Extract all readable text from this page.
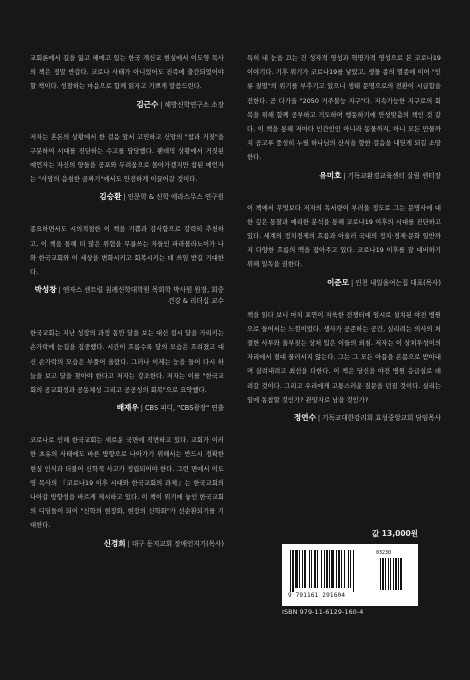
교회론에서 길을 잃고 헤매고 있는 한국 개신교 현실에서 이도영 목사의 책은 정말 반갑다. 코로나 사태가 아니었어도 진즉에 출간되었어야 할 책이다. 성찰하는 마음으로 함께 읽자고 기쁘게 말씀드린다.

김근수 | 해방신학연구소 소장

저자는 혼돈의 상황에서 한 걸음 앞서 고민하고 신앙의 "참과 거짓"을 구분하여 시대를 진단하는 수고를 담당했다. 팬데믹 상황에서 거짓된 예언자는 자신의 양들을 공포와 두려움으로 몰아가겠지만 참된 예언자는 "사망의 음침한 골짜기"에서도 안전하게 이끌어갈 것이다.

김승환 | 인문학 & 신학 에라스무스 연구원

종요하면서도 시의적절한 이 책을 기쁨과 감사함으로 강력히 추천하고, 이 책을 통해 더 많은 위험을 무릅쓰는 자들인 파라볼라노이가 나와 한국교회와 이 세상을 변화시키고 회복시키는 데 쓰임 받길 기대한다.

박성창 | 엔자스 센트럴 침례신학대학원 목회학 박사원 원장, 회중건강 & 리더십 교수

한국교회는 지난 성장의 과정 동안 달을 보는 대신 접시 달을 가리키는 손가락에 눈길을 집중했다. 시간이 흐름수록 달의 모습은 흐려졌고 대신 손가락의 모습은 부풀어 올랐다. 그러나 이제는 눈을 들어 다시 하늘을 보고 달을 찾아야 한다고 저자는 강조한다. 저자는 이를 "한국교회의 공교회성과 공동체성 그리고 공공성의 회복"으로 요약했다.

배재우 | CBS 피디, "CBS광장" 연출

코로나로 인해 한국교회는 새로운 국면에 직면하고 있다. 교회가 이러한 초유의 사태에도 바른 방향으로 나아가기 위해서는 반드시 정확한 현실 인식과 더불어 신학적 사고가 정립되어야 한다. 그런 면에서 이도영 목사의 『코로나19 이후 시대와 한국교회의 과제』는 한국교회의 나아갈 방향성을 바르게 제시하고 있다. 이 책이 위기에 놓인 한국교회의 디딤돌이 되어 "신학의 현장화, 현장의 신학화"가 선순환되기를 기대한다.

신경희 | 대구 동지교회 장애인지기(목사)

특히 내 눈을 끄는 건 성자적 영성과 혁명가적 영성으로 본 코로나19 이야기다. 기후 위기가 코로나19를 낳았고, 생물 종의 멸종에 이어 "인류 절멸"의 위기를 부추기고 있으니 생태 문명으로의 전환이 시급함을 전한다. 곧 다가올 "2050 거주불능 지구"다. 지속가능한 지구로의 회복을 위해 함께 공부하고 기도하며 행동하기에 안성맞춤의 책인 것 같다. 이 책을 통해 저마다 인간인인 아니라 동물까지, 아니 모든 만물까지 공고루 풍성히 누릴 하나님의 산식을 향한 걸음을 내딛게 되길 소망한다.

유미호 | 기독교환경교육센터 살림 센터장

이 책에서 무엇보다 저자의 독서량이 부러울 정도로 그는 문명사에 대한 깊은 통찰과 예리한 분석을 통해 코로나19 이후의 시대를 진단하고 있다. 세계의 정치경제의 흐름과 아울러 국내의 정치·경제·문화 일반까지 다양한 흐름의 맥을 잡아주고 있다. 코로나19 이후를 잘 대비하기 위해 일독을 권한다.

이준모 | 인천 내일을여는집 대표(목사)

책을 읽다 보니 마치 포연이 자욱한 전쟁터에 임시로 설치된 야전 병원으로 들어서는 느낌이었다. 생사가 공존하는 공간, 실리려는 의사의 처절한 사투와 울부짖는 상처 입은 이들의 외침. 저자는 이 상처투성이의 자리에서 절대 물러서지 않는다. 그는 그 모든 아픔을 온몸으로 받아내며 살려내려고 최선을 다한다. 이 책은 당신을 야전 병원 응급실로 데려갈 것이다. 그리고 우리에게 고통스러운 질문을 던질 것이다. 실리는 일에 동참할 것인가? 관망자로 남을 것인가?

정연수 | 기독교대한감리회 효성중앙교회 담임목사
값 13,000원
9 791161 291604
03230
ISBN 979-11-6129-160-4
